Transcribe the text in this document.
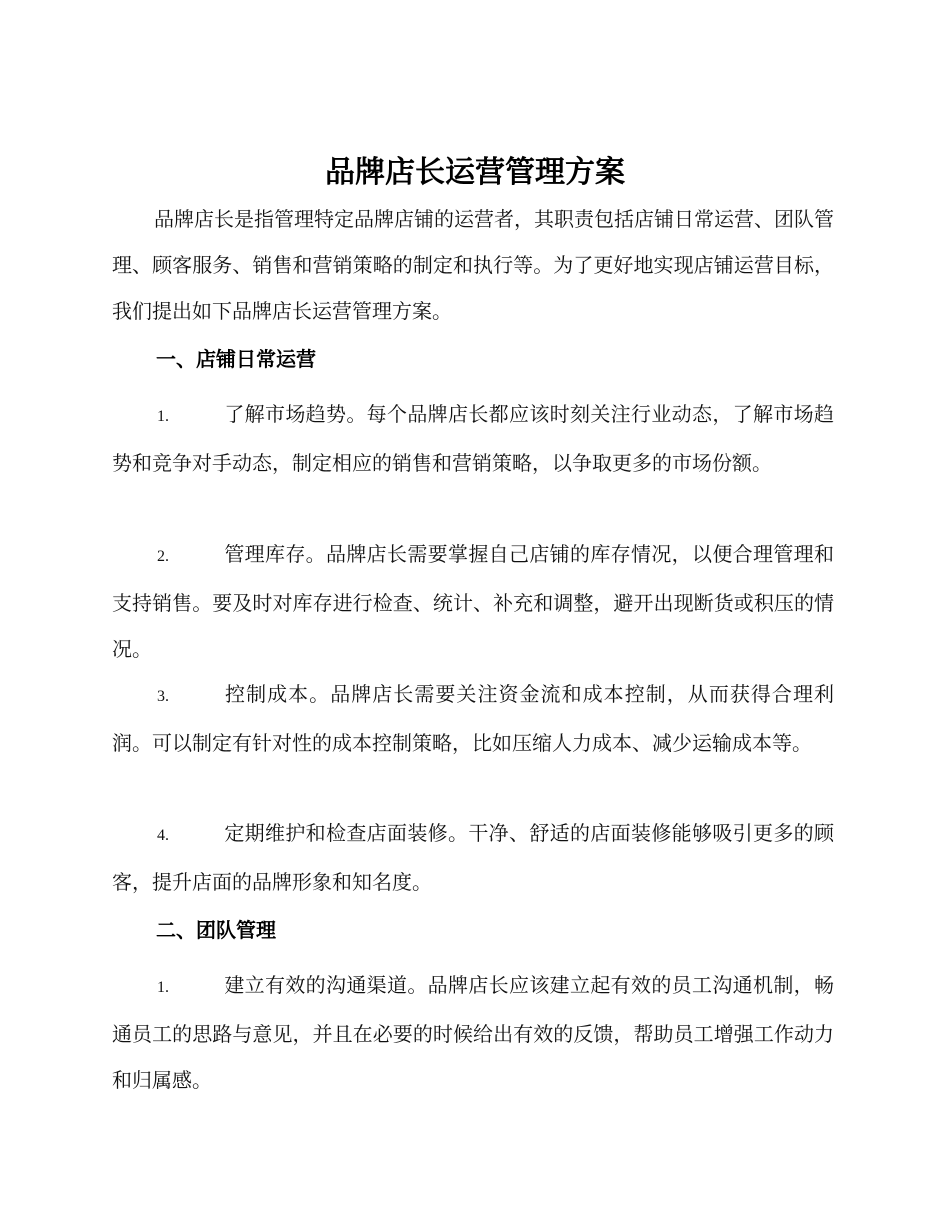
品牌店长运营管理方案
品牌店长是指管理特定品牌店铺的运营者，其职责包括店铺日常运营、团队管理、顾客服务、销售和营销策略的制定和执行等。为了更好地实现店铺运营目标，我们提出如下品牌店长运营管理方案。
一、店铺日常运营
1.	了解市场趋势。每个品牌店长都应该时刻关注行业动态，了解市场趋势和竞争对手动态，制定相应的销售和营销策略，以争取更多的市场份额。
2.	管理库存。品牌店长需要掌握自己店铺的库存情况，以便合理管理和支持销售。要及时对库存进行检查、统计、补充和调整，避开出现断货或积压的情况。
3.	控制成本。品牌店长需要关注资金流和成本控制，从而获得合理利润。可以制定有针对性的成本控制策略，比如压缩人力成本、减少运输成本等。
4.	定期维护和检查店面装修。干净、舒适的店面装修能够吸引更多的顾客，提升店面的品牌形象和知名度。
二、团队管理
1.	建立有效的沟通渠道。品牌店长应该建立起有效的员工沟通机制，畅通员工的思路与意见，并且在必要的时候给出有效的反馈，帮助员工增强工作动力和归属感。
